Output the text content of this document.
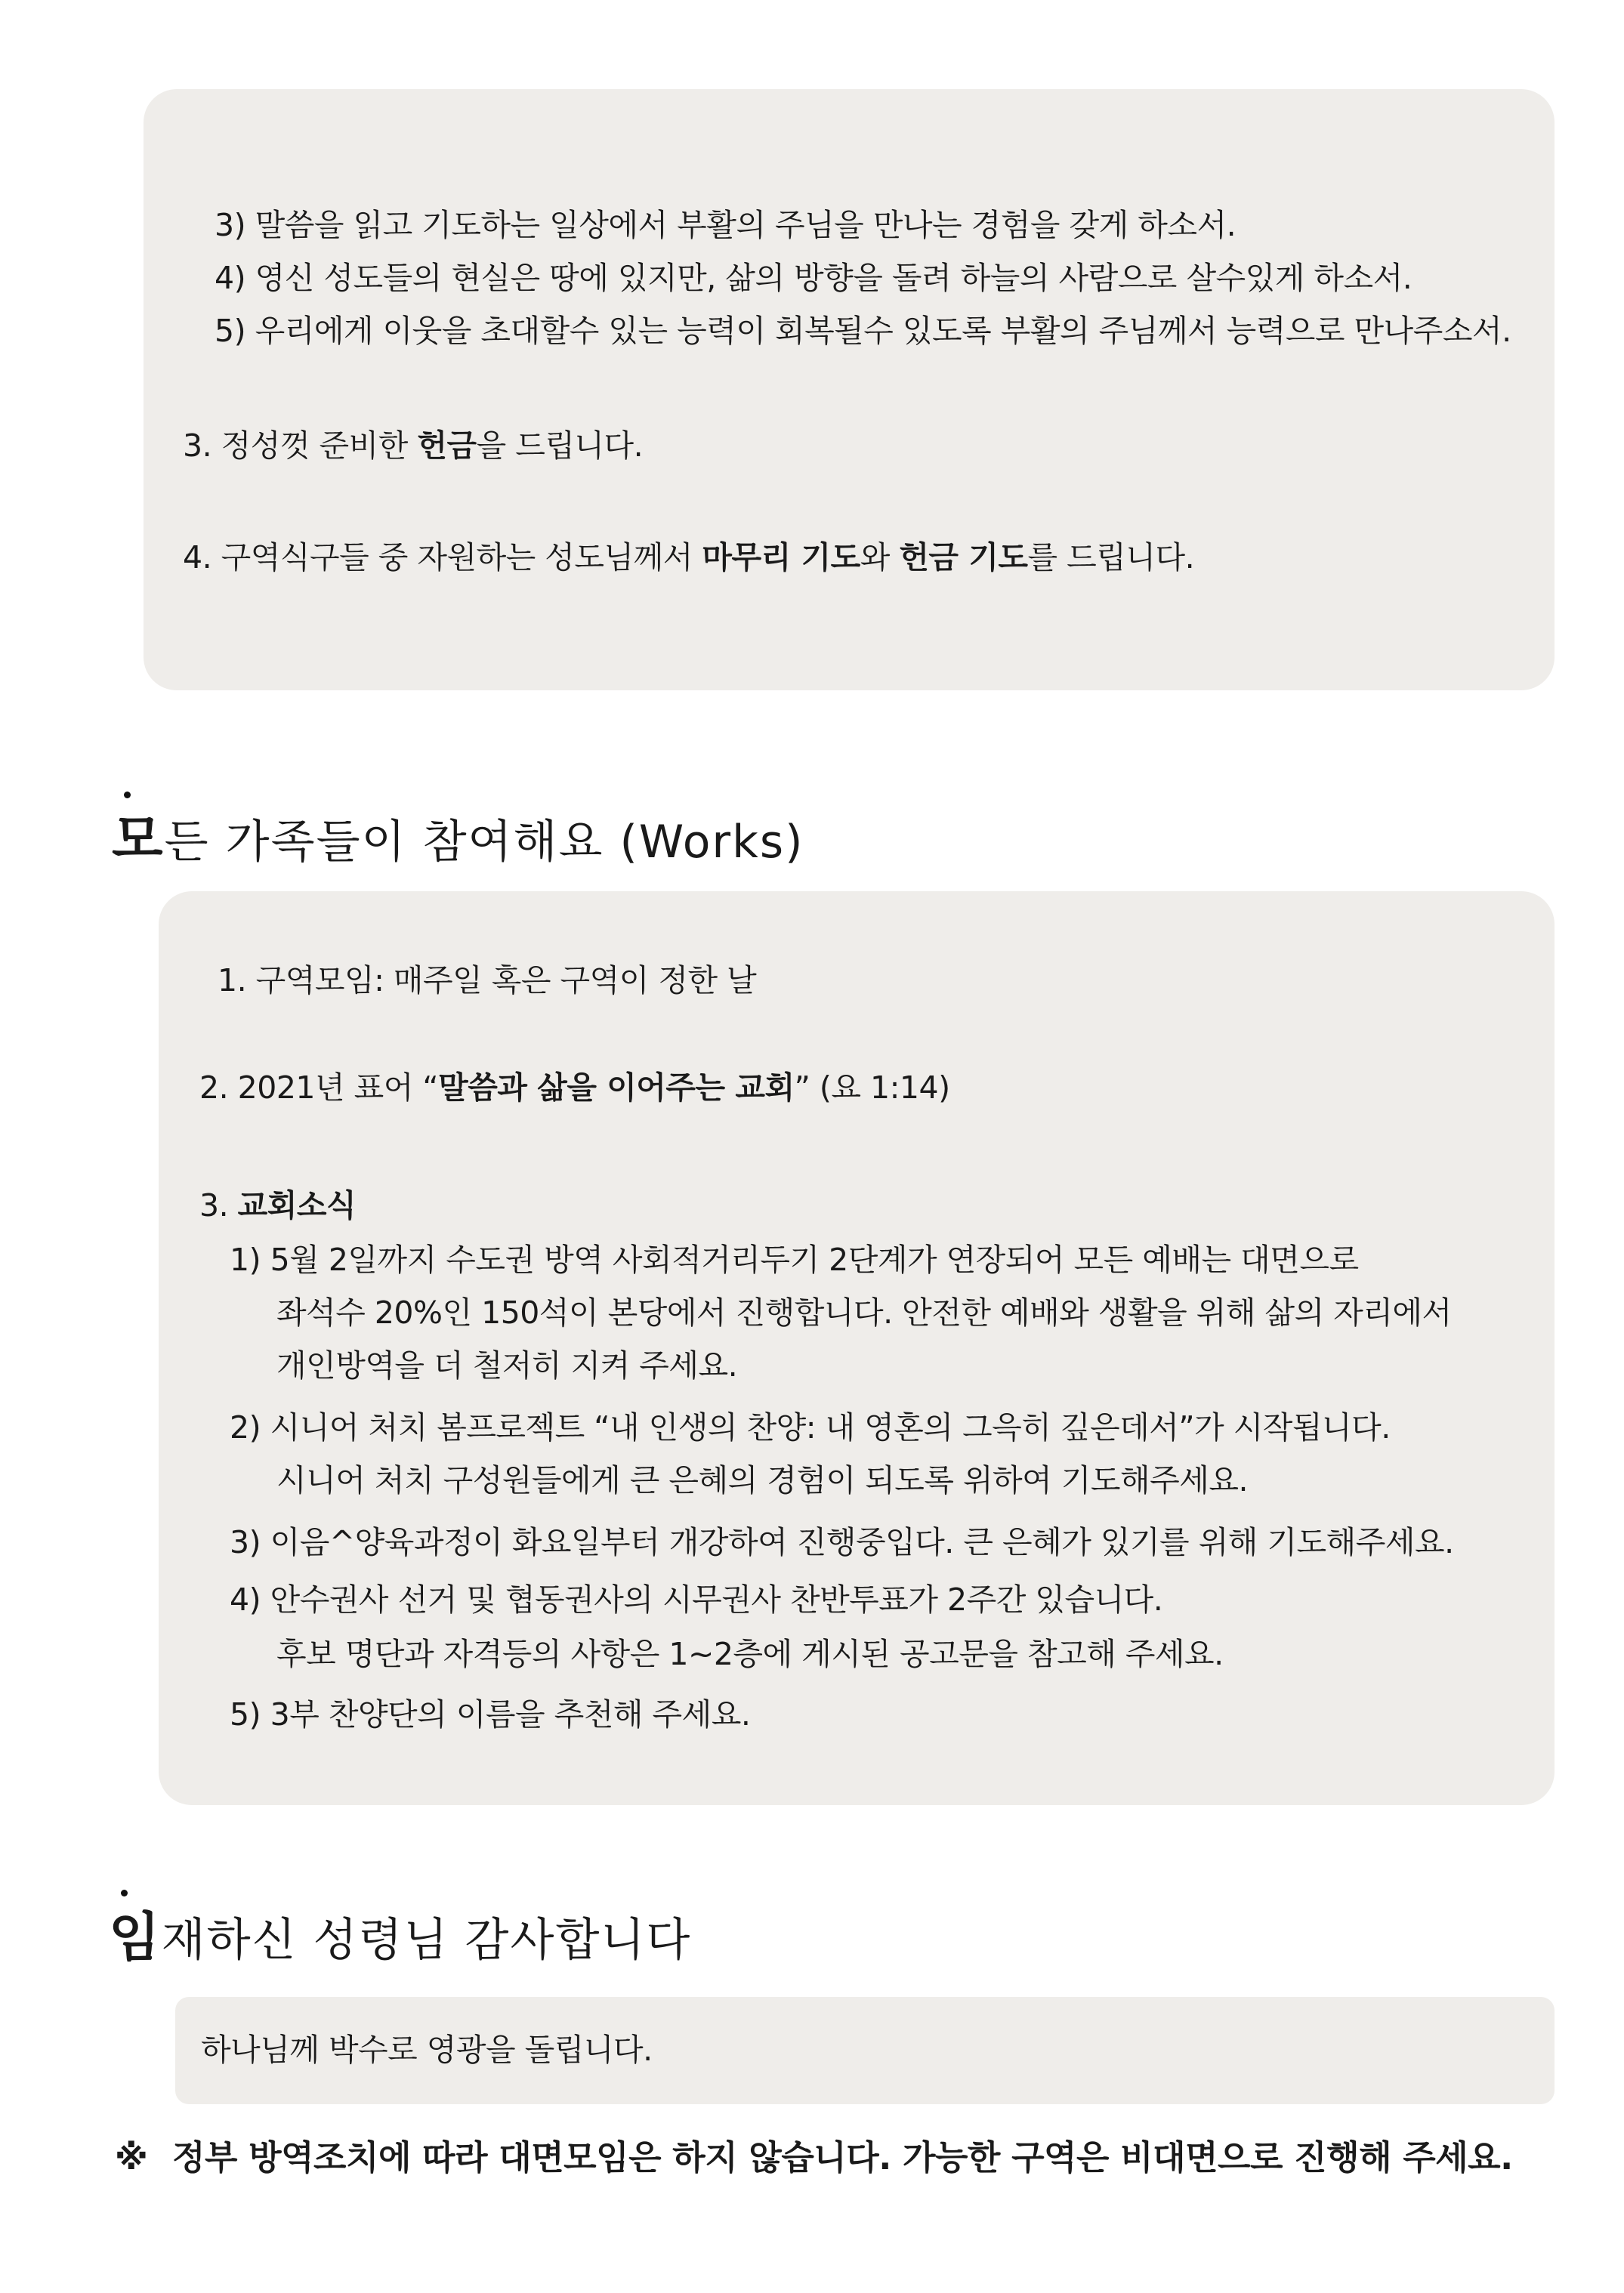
3) 말씀을 읽고 기도하는 일상에서 부활의 주님을 만나는 경험을 갖게 하소서.
4) 영신 성도들의 현실은 땅에 있지만, 삶의 방향을 돌려 하늘의 사람으로 살수있게 하소서.
5) 우리에게 이웃을 초대할수 있는 능력이 회복될수 있도록 부활의 주님께서 능력으로 만나주소서.
3. 정성껏 준비한 헌금을 드립니다.
4. 구역식구들 중 자원하는 성도님께서 마무리 기도와 헌금 기도를 드립니다.
모든 가족들이 참여해요 (Works)
1. 구역모임: 매주일 혹은 구역이 정한 날
2. 2021년 표어 “말씀과 삶을 이어주는 교회” (요 1:14)
3. 교회소식
1) 5월 2일까지 수도권 방역 사회적거리두기 2단계가 연장되어 모든 예배는 대면으로
좌석수 20%인 150석이 본당에서 진행합니다. 안전한 예배와 생활을 위해 삶의 자리에서
개인방역을 더 철저히 지켜 주세요.
2) 시니어 처치 봄프로젝트 “내 인생의 찬양: 내 영혼의 그윽히 깊은데서”가 시작됩니다.
시니어 처치 구성원들에게 큰 은혜의 경험이 되도록 위하여 기도해주세요.
3) 이음^양육과정이 화요일부터 개강하여 진행중입다. 큰 은혜가 있기를 위해 기도해주세요.
4) 안수권사 선거 및 협동권사의 시무권사 찬반투표가 2주간 있습니다.
후보 명단과 자격등의 사항은 1~2층에 게시된 공고문을 참고해 주세요.
5) 3부 찬양단의 이름을 추천해 주세요.
임재하신 성령님 감사합니다
하나님께 박수로 영광을 돌립니다.
※ 정부 방역조치에 따라 대면모임은 하지 않습니다. 가능한 구역은 비대면으로 진행해 주세요.
